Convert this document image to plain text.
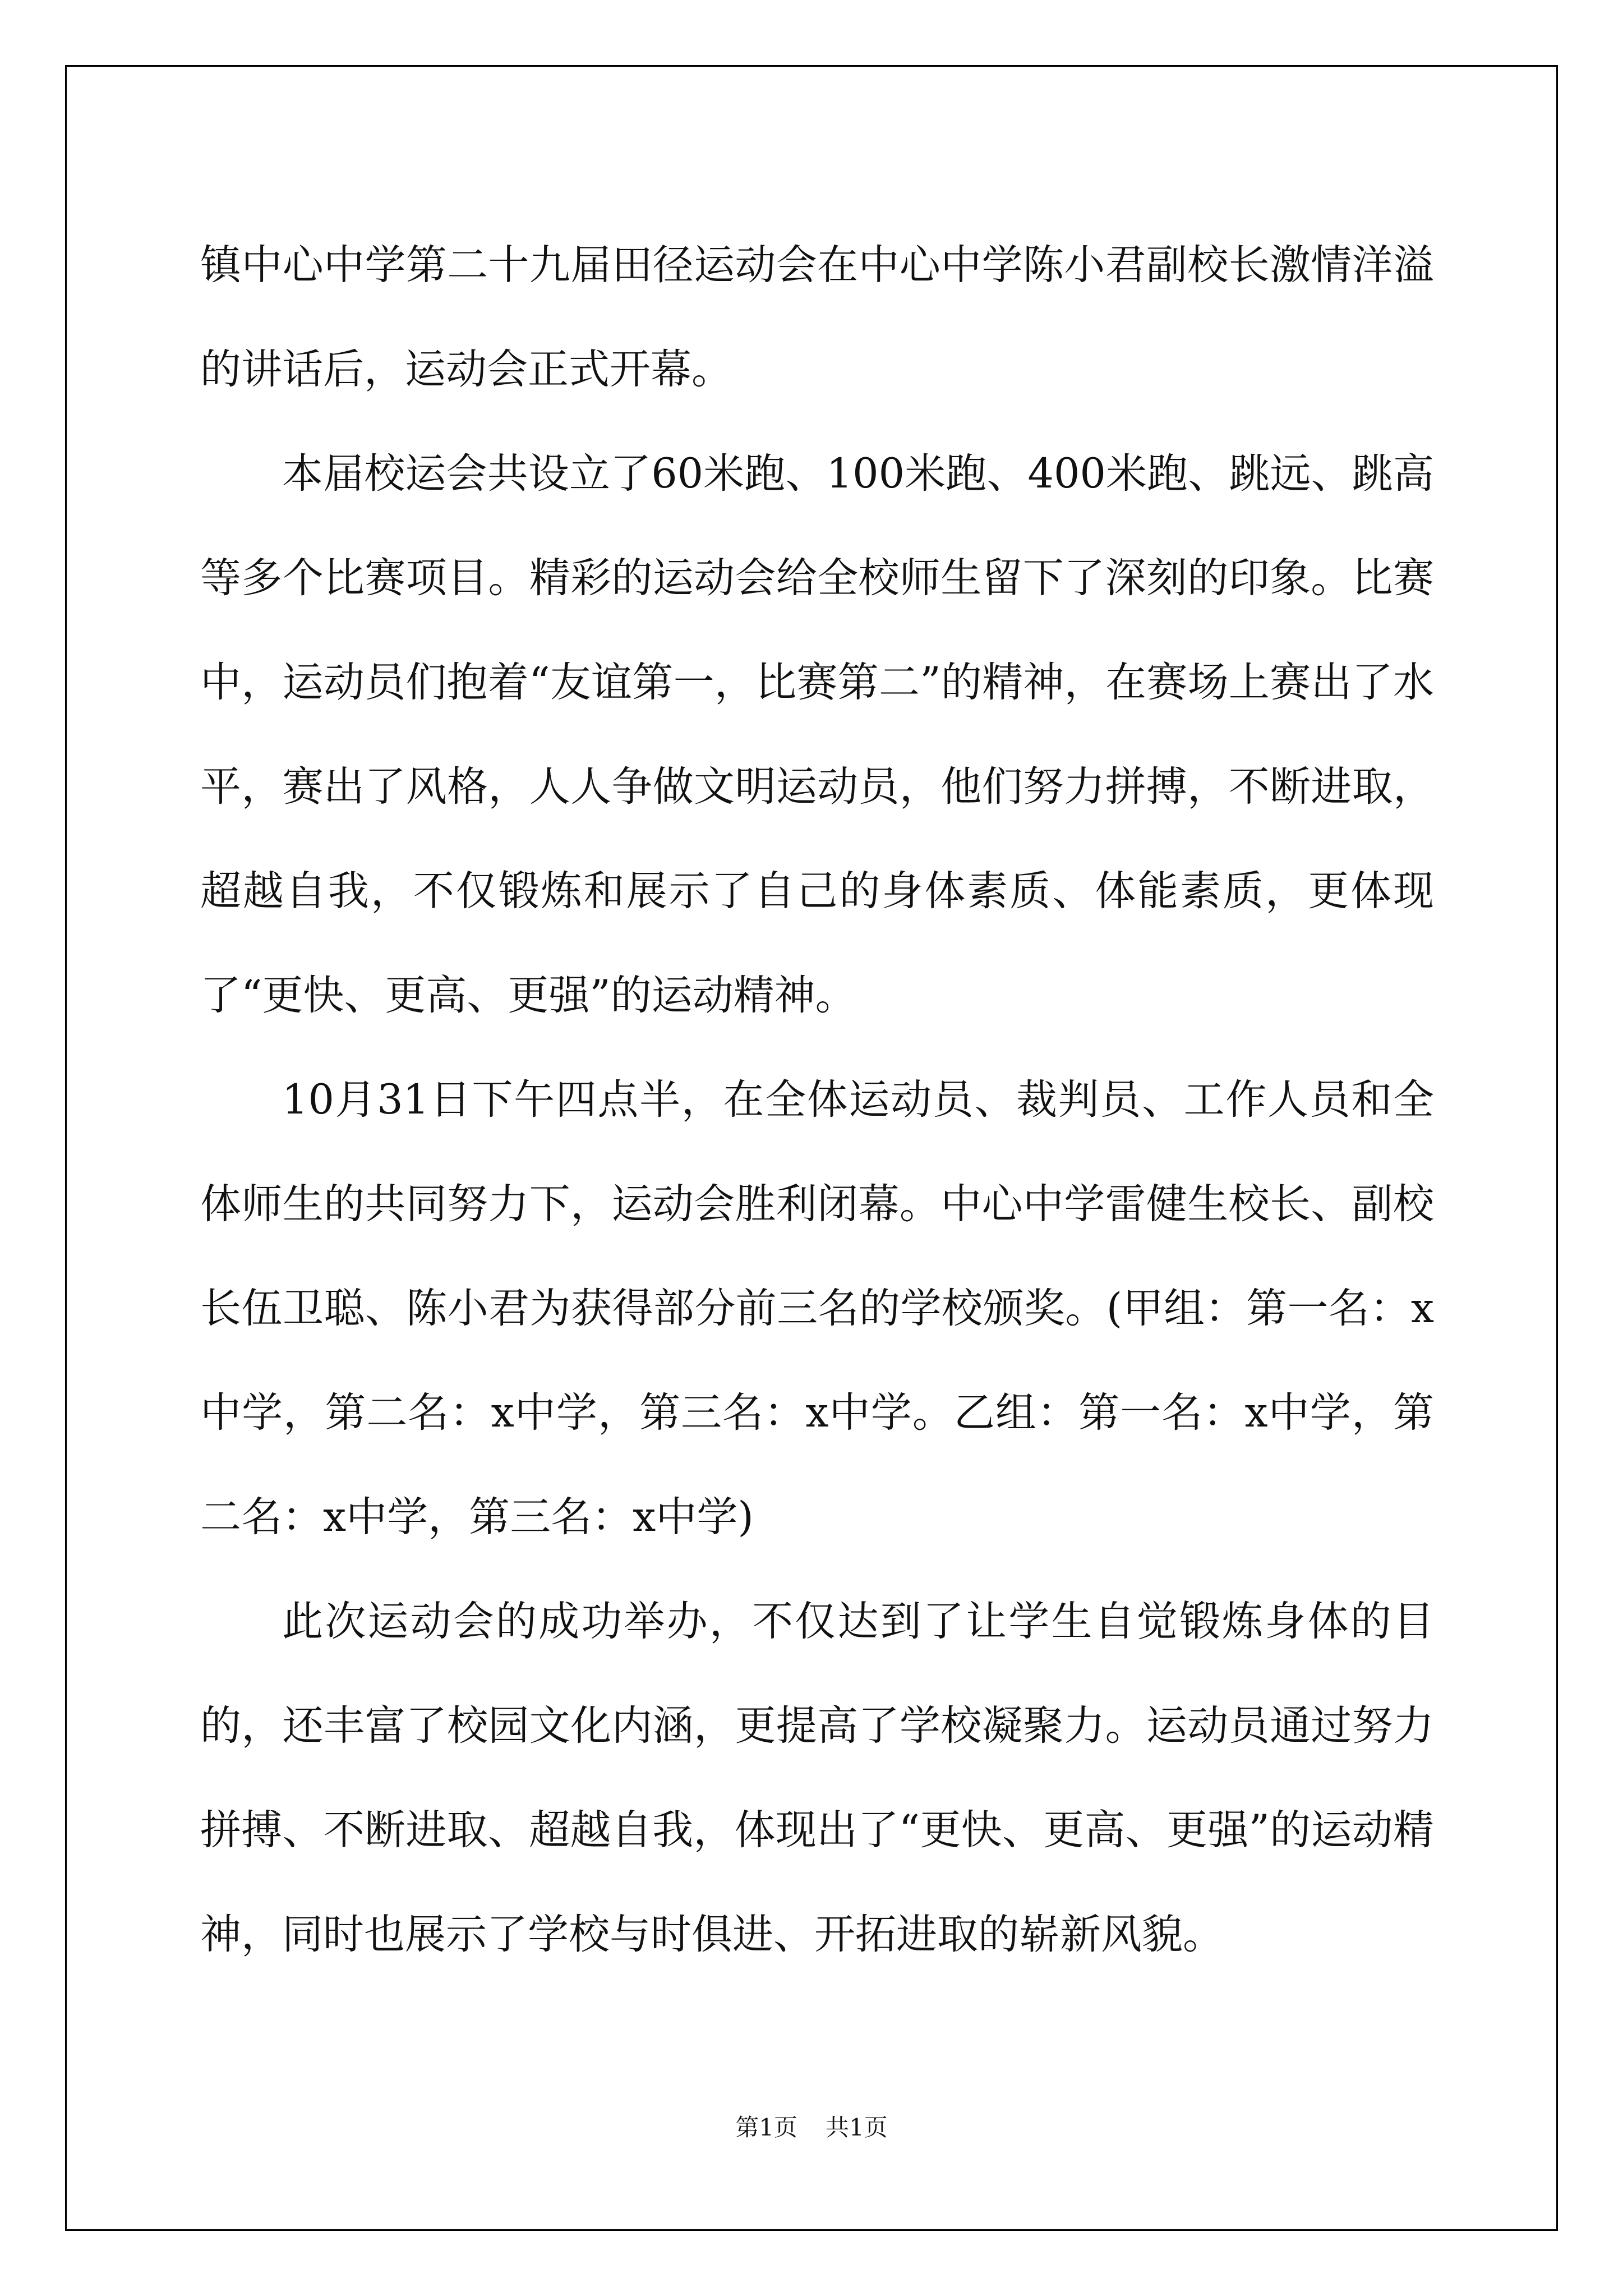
镇中心中学第二十九届田径运动会在中心中学陈小君副校长激情洋溢的讲话后，运动会正式开幕。

本届校运会共设立了60米跑、100米跑、400米跑、跳远、跳高等多个比赛项目。精彩的运动会给全校师生留下了深刻的印象。比赛中，运动员们抱着“友谊第一，比赛第二”的精神，在赛场上赛出了水平，赛出了风格，人人争做文明运动员，他们努力拼搏，不断进取，超越自我，不仅锻炼和展示了自己的身体素质、体能素质，更体现了“更快、更高、更强”的运动精神。

10月31日下午四点半，在全体运动员、裁判员、工作人员和全体师生的共同努力下，运动会胜利闭幕。中心中学雷健生校长、副校长伍卫聪、陈小君为获得部分前三名的学校颁奖。(甲组：第一名：x中学，第二名：x中学，第三名：x中学。乙组：第一名：x中学，第二名：x中学，第三名：x中学)

此次运动会的成功举办，不仅达到了让学生自觉锻炼身体的目的，还丰富了校园文化内涵，更提高了学校凝聚力。运动员通过努力拼搏、不断进取、超越自我，体现出了“更快、更高、更强”的运动精神，同时也展示了学校与时俱进、开拓进取的崭新风貌。

第1页 共1页
